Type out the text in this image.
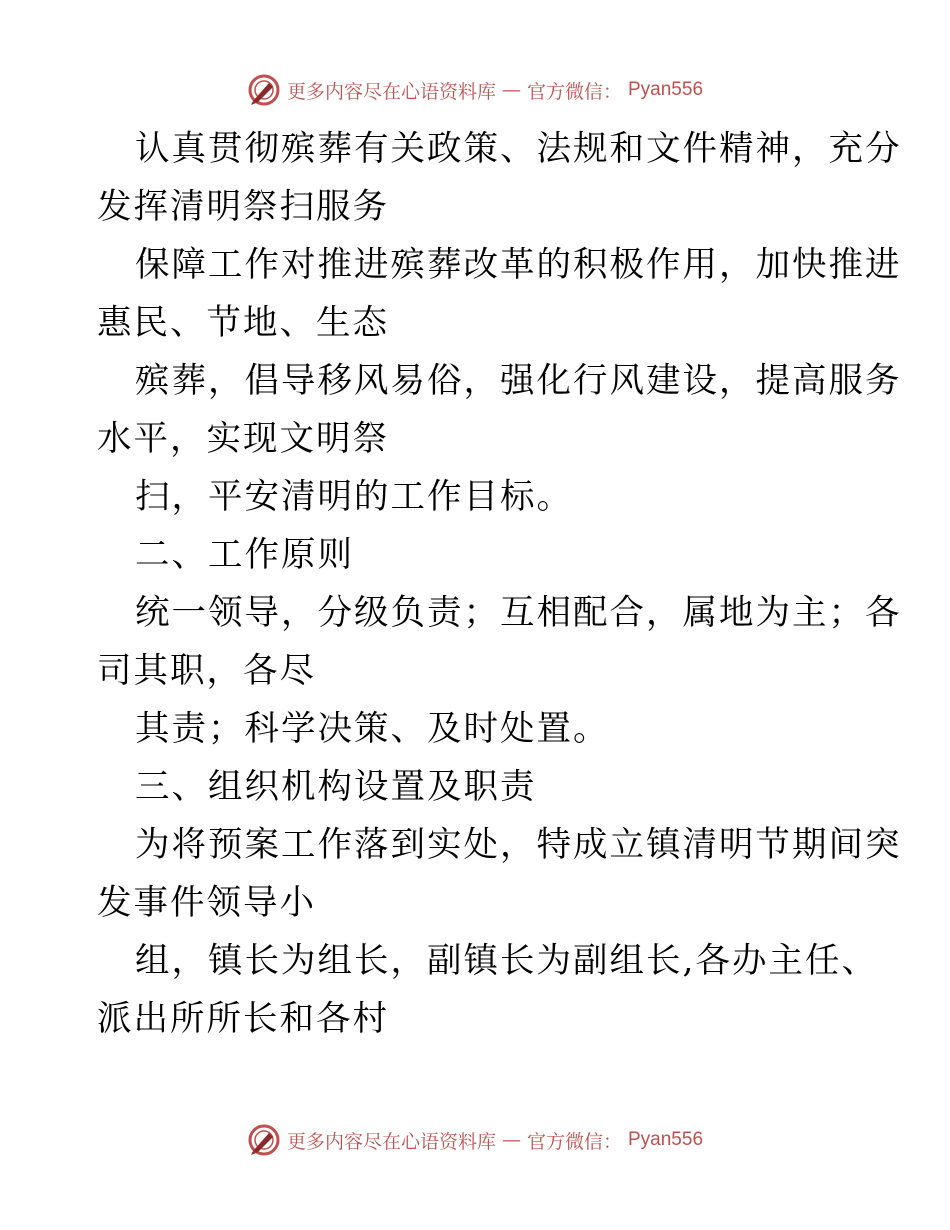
更多内容尽在心语资料库 — 官方微信： Pyan556
认真贯彻殡葬有关政策、法规和文件精神，充分
发挥清明祭扫服务
保障工作对推进殡葬改革的积极作用，加快推进
惠民、节地、生态
殡葬，倡导移风易俗，强化行风建设，提高服务
水平，实现文明祭
扫，平安清明的工作目标。
二、工作原则
统一领导，分级负责；互相配合，属地为主；各
司其职，各尽
其责；科学决策、及时处置。
三、组织机构设置及职责
为将预案工作落到实处，特成立镇清明节期间突
发事件领导小
组，镇长为组长，副镇长为副组长,各办主任、
派出所所长和各村
更多内容尽在心语资料库 — 官方微信： Pyan556
